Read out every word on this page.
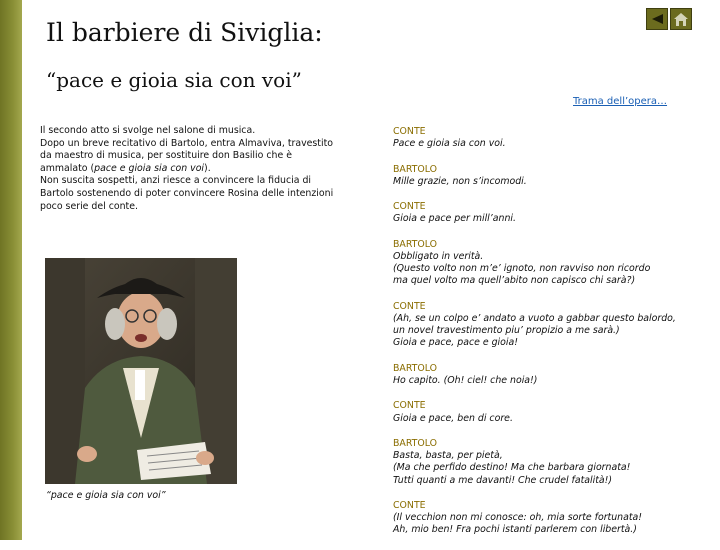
Il barbiere di Siviglia:
“pace e gioia sia con voi”
Trama dell’opera…

Il secondo atto si svolge nel salone di musica.

Dopo un breve recitativo di Bartolo, entra Almaviva, travestito da maestro di musica, per sostituire don Basilio che è ammalato (pace e gioia sia con voi).

Non suscita sospetti, anzi riesce a convincere la fiducia di Bartolo sostenendo di poter convincere Rosina delle intenzioni poco serie del conte.

“pace e gioia sia con voi”
CONTE
Pace e gioia sia con voi.
BARTOLO
Mille grazie, non s’incomodi.
CONTE
Gioia e pace per mill’anni.
BARTOLO
Obbligato in verità.
(Questo volto non m’e’ ignoto, non ravviso non ricordo
ma quel volto ma quell’abito non capisco chi sarà?)
CONTE
(Ah, se un colpo e’ andato a vuoto a gabbar questo balordo,
un novel travestimento piu’ propizio a me sarà.)
Gioia e pace, pace e gioia!
BARTOLO
Ho capito. (Oh! ciel! che noia!)
CONTE
Gioia e pace, ben di core.
BARTOLO
Basta, basta, per pietà,
(Ma che perfido destino! Ma che barbara giornata!
Tutti quanti a me davanti! Che crudel fatalità!)
CONTE
(Il vecchion non mi conosce: oh, mia sorte fortunata!
Ah, mio ben! Fra pochi istanti parlerem con libertà.)
